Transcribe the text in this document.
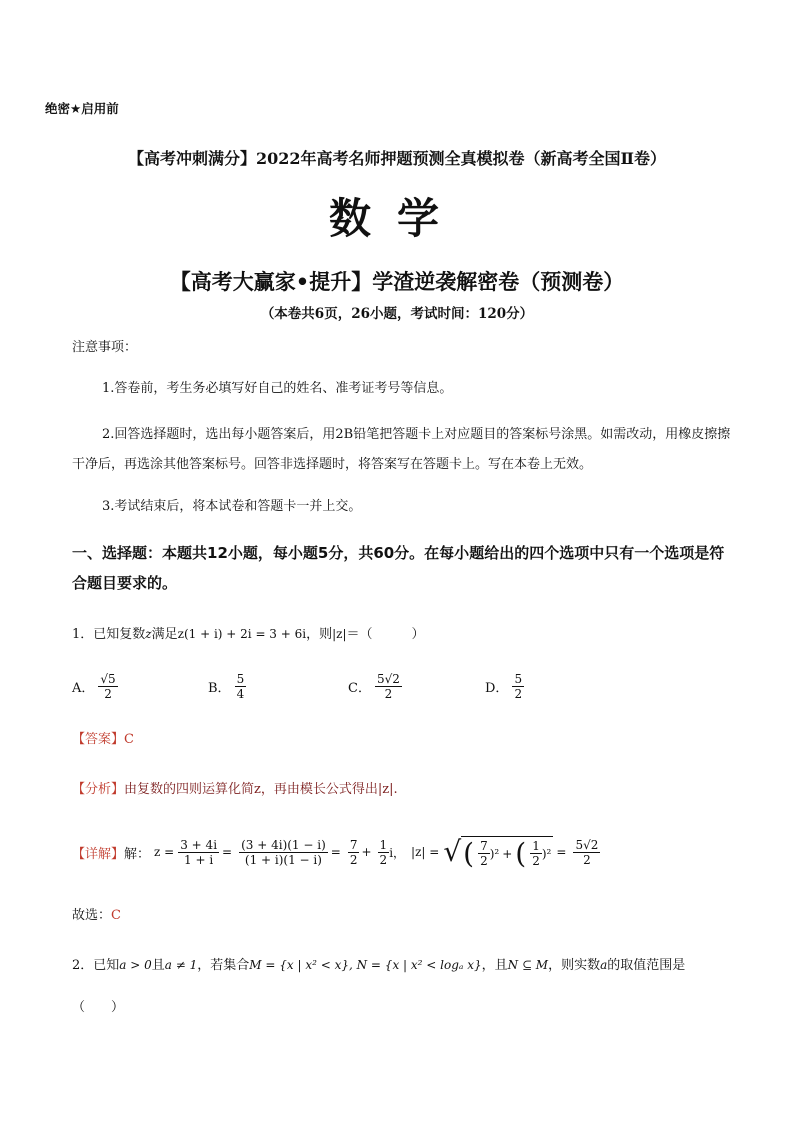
绝密★启用前
【高考冲刺满分】2022年高考名师押题预测全真模拟卷（新高考全国Ⅱ卷）
数学
【高考大赢家•提升】学渣逆袭解密卷（预测卷）
（本卷共6页，26小题，考试时间：120分）
注意事项：
1.答卷前，考生务必填写好自己的姓名、准考证考号等信息。
2.回答选择题时，选出每小题答案后，用2B铅笔把答题卡上对应题目的答案标号涂黑。如需改动，用橡皮擦擦干净后，再选涂其他答案标号。回答非选择题时，将答案写在答题卡上。写在本卷上无效。
3.考试结束后，将本试卷和答题卡一并上交。
一、选择题：本题共12小题，每小题5分，共60分。在每小题给出的四个选项中只有一个选项是符合题目要求的。
1．已知复数z满足z(1 + i) + 2i = 3 + 6i，则|z|＝（　　　）
A． $\frac{√5}{2}$	B． $\frac{5}{4}$	C． $\frac{5√2}{2}$	D． $\frac{5}{2}$
【答案】C
【分析】由复数的四则运算化简z，再由模长公式得出|z|.
【详解】 解： $z = \frac{3 + 4i}{1 + i} = \frac{(3 + 4i)(1 - i)}{(1 + i)(1 - i)} = \frac{7}{2} + \frac{1}{2}$ i， |z| = √ ( $\frac{7}{2} )^2$ + ( $\frac{1}{2} )^2 = \frac{5√2}{2}$
故选：C
2．已知a > 0且a ≠ 1，若集合M = {x | x² < x}, N = {x | x² < logₐ x}，且N ⊆ M，则实数a的取值范围是
（　　）
